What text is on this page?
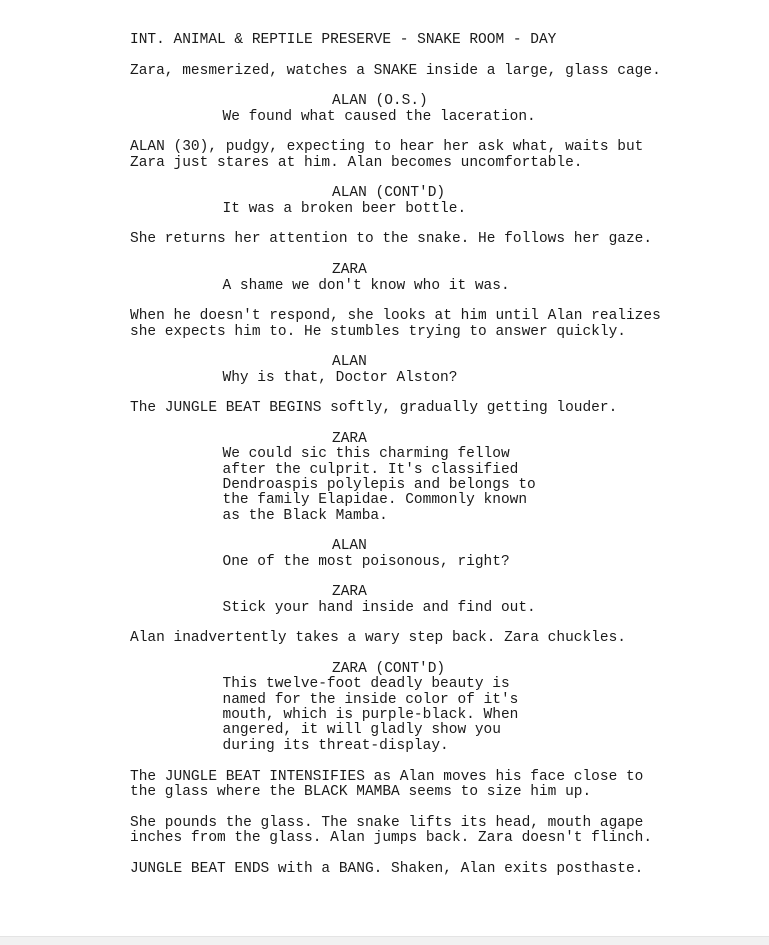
INT. ANIMAL & REPTILE PRESERVE - SNAKE ROOM - DAY

Zara, mesmerized, watches a SNAKE inside a large, glass cage.

ALAN (O.S.)

We found what caused the laceration.

ALAN (30), pudgy, expecting to hear her ask what, waits but
Zara just stares at him. Alan becomes uncomfortable.

ALAN (CONT'D)

It was a broken beer bottle.

She returns her attention to the snake. He follows her gaze.

ZARA

A shame we don't know who it was.

When he doesn't respond, she looks at him until Alan realizes
she expects him to. He stumbles trying to answer quickly.

ALAN

Why is that, Doctor Alston?

The JUNGLE BEAT BEGINS softly, gradually getting louder.

ZARA

We could sic this charming fellow
after the culprit. It's classified
Dendroaspis polylepis and belongs to
the family Elapidae. Commonly known
as the Black Mamba.

ALAN

One of the most poisonous, right?

ZARA

Stick your hand inside and find out.

Alan inadvertently takes a wary step back. Zara chuckles.

ZARA (CONT'D)

This twelve-foot deadly beauty is
named for the inside color of it's
mouth, which is purple-black. When
angered, it will gladly show you
during its threat-display.

The JUNGLE BEAT INTENSIFIES as Alan moves his face close to
the glass where the BLACK MAMBA seems to size him up.

She pounds the glass. The snake lifts its head, mouth agape
inches from the glass. Alan jumps back. Zara doesn't flinch.

JUNGLE BEAT ENDS with a BANG. Shaken, Alan exits posthaste.
